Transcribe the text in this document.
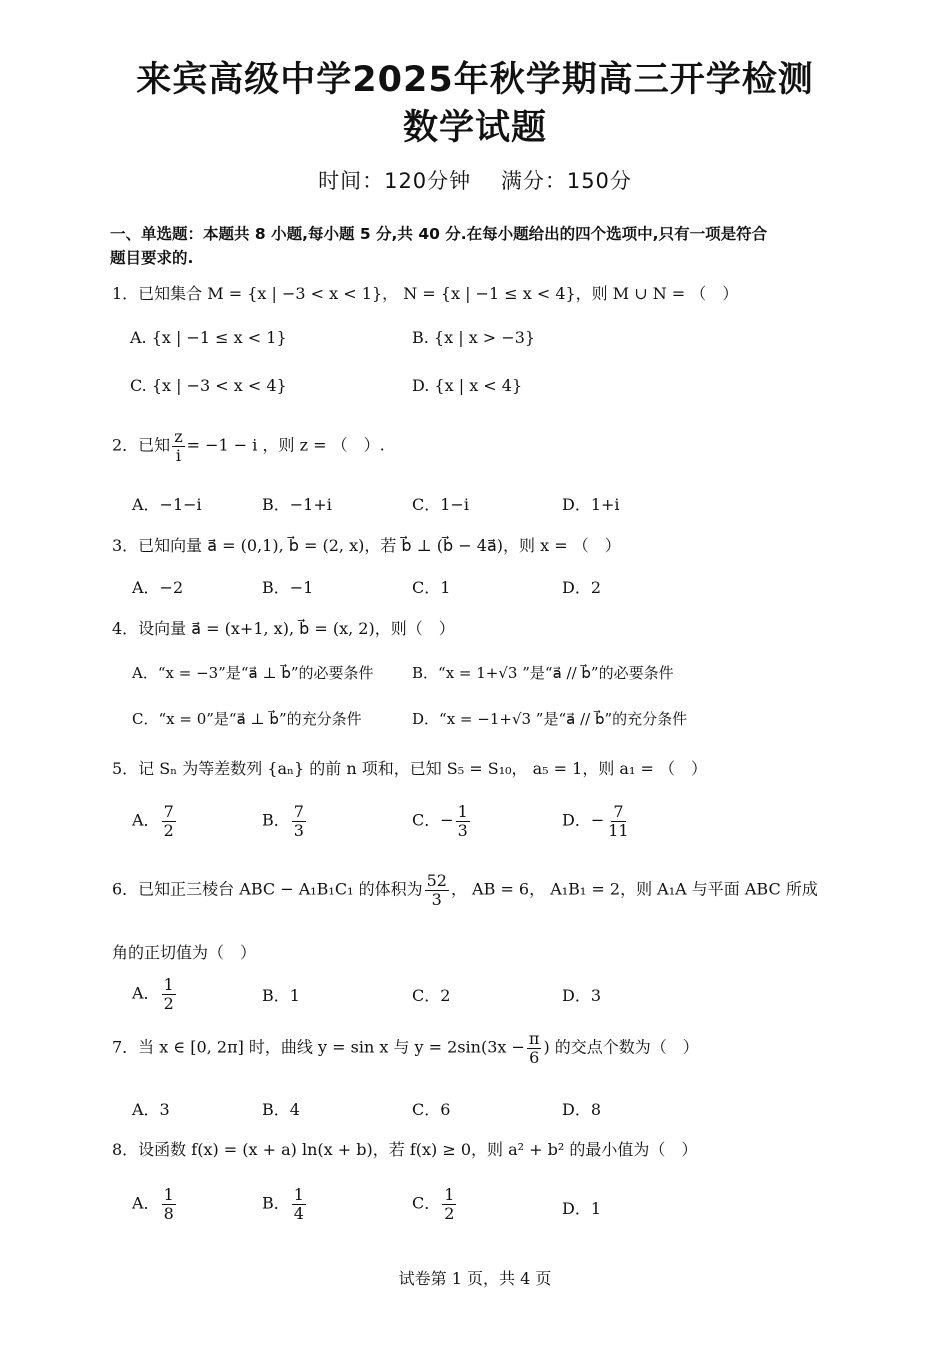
来宾高级中学2025年秋学期高三开学检测
数学试题
时间：120分钟　 满分：150分
一、单选题：本题共 8 小题,每小题 5 分,共 40 分.在每小题给出的四个选项中,只有一项是符合
题目要求的.
1．已知集合 M = {x | −3 < x < 1}， N = {x | −1 ≤ x < 4}，则 M ∪ N = （　）
A. {x | −1 ≤ x < 1}	B. {x | x > −3}
C. {x | −3 < x < 4}	D. {x | x < 4}
2．已知 $\frac{z}{i} = -1 - i$ ，则 z = （　）.
A．−1−i	B．−1+i	C．1−i	D．1+i
3．已知向量 a⃗ = (0,1), b⃗ = (2, x)，若 b⃗ ⊥ (b⃗ − 4a⃗)，则 x = （　）
A．−2	B．−1	C．1	D．2
4．设向量 a⃗ = (x+1, x), b⃗ = (x, 2)，则（　）
A．“x = −3”是“a⃗ ⊥ b⃗”的必要条件	B．“x = 1+√3 ”是“a⃗ // b⃗”的必要条件
C．“x = 0”是“a⃗ ⊥ b⃗”的充分条件	D．“x = −1+√3 ”是“a⃗ // b⃗”的充分条件
5．记 Sₙ 为等差数列 {aₙ} 的前 n 项和，已知 S₅ = S₁₀， a₅ = 1，则 a₁ = （　）
A． $\frac{7}{2}$	B． $\frac{7}{3}$	C．− $\frac{1}{3}$	D．− $\frac{7}{11}$
6．已知正三棱台 ABC − A₁B₁C₁ 的体积为 $\frac{52}{3}$ ， AB = 6， A₁B₁ = 2，则 A₁A 与平面 ABC 所成
角的正切值为（　）
A． $\frac{1}{2}$	B．1	C．2	D．3
7．当 x ∈ [0, 2π] 时，曲线 y = sin x 与 $y = 2\sin(3x - \frac{\pi}{6}$ ) 的交点个数为（　）
A．3	B．4	C．6	D．8
8．设函数 f(x) = (x + a) ln(x + b)，若 f(x) ≥ 0，则 a² + b² 的最小值为（　）
A． $\frac{1}{8}$	B． $\frac{1}{4}$	C． $\frac{1}{2}$	D．1
试卷第 1 页，共 4 页
